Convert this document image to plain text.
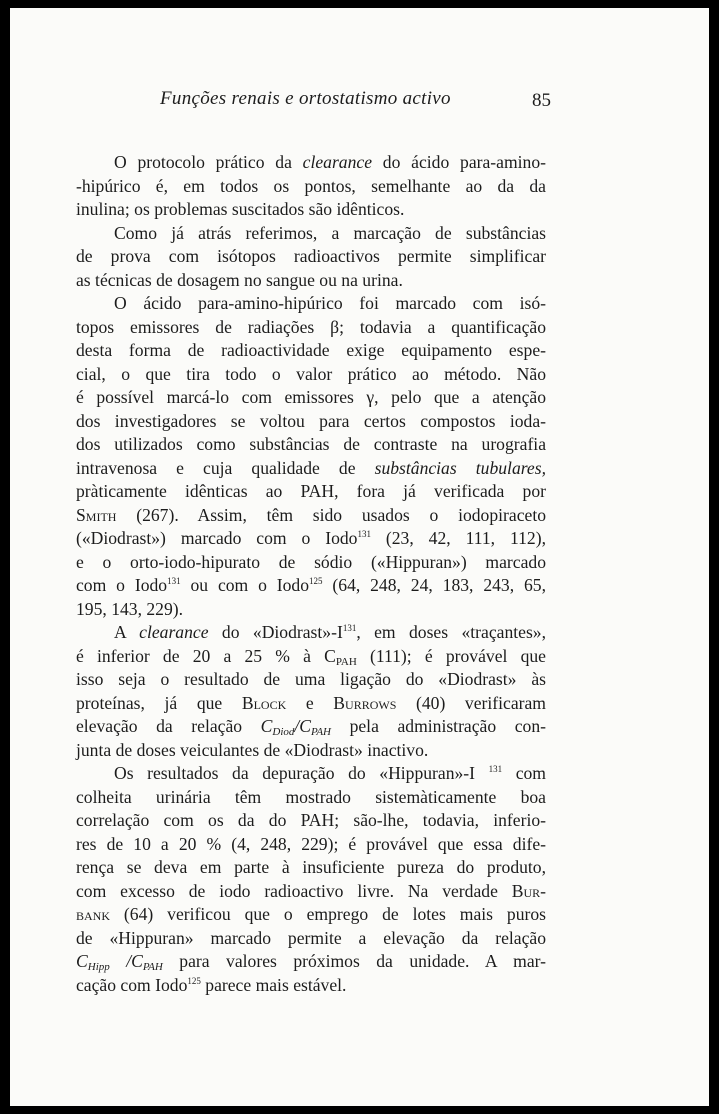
Funções renais e ortostatismo activo	85
O protocolo prático da clearance do ácido para-amino-
-hipúrico é, em todos os pontos, semelhante ao da da
inulina; os problemas suscitados são idênticos.
Como já atrás referimos, a marcação de substâncias
de prova com isótopos radioactivos permite simplificar
as técnicas de dosagem no sangue ou na urina.
O ácido para-amino-hipúrico foi marcado com isó-
topos emissores de radiações β; todavia a quantificação
desta forma de radioactividade exige equipamento espe-
cial, o que tira todo o valor prático ao método. Não
é possível marcá-lo com emissores γ, pelo que a atenção
dos investigadores se voltou para certos compostos ioda-
dos utilizados como substâncias de contraste na urografia
intravenosa e cuja qualidade de substâncias tubulares,
pràticamente idênticas ao PAH, fora já verificada por
Smith (267). Assim, têm sido usados o iodopiraceto
(«Diodrast») marcado com o Iodo$^{131}$ (23, 42, 111, 112),
e o orto-iodo-hipurato de sódio («Hippuran») marcado
com o Iodo$^{131}$ ou com o Iodo$^{125}$ (64, 248, 24, 183, 243, 65,
195, 143, 229).
A clearance do «$Diodrast»-I^{131}$, em doses «traçantes»,
é inferior de 20 a 25 % à $C_{PAH}$ (111); é provável que
isso seja o resultado de uma ligação do «Diodrast» às
proteínas, já que Block e Burrows (40) verificaram
elevação da relação $C_{Diod}/C_{PAH}$ pela administração con-
junta de doses veiculantes de «Diodrast» inactivo.
Os resultados da depuração do «Hippuran»-I $^{131}$ com
colheita urinária têm mostrado sistemàticamente boa
correlação com os da do PAH; são-lhe, todavia, inferio-
res de 10 a 20 % (4, 248, 229); é provável que essa dife-
rença se deva em parte à insuficiente pureza do produto,
com excesso de iodo radioactivo livre. Na verdade Bur-
bank (64) verificou que o emprego de lotes mais puros
de «Hippuran» marcado permite a elevação da relação
$C_{Hipp}$ $/C_{PAH}$ para valores próximos da unidade. A mar-
cação com Iodo$^{125}$ parece mais estável.
